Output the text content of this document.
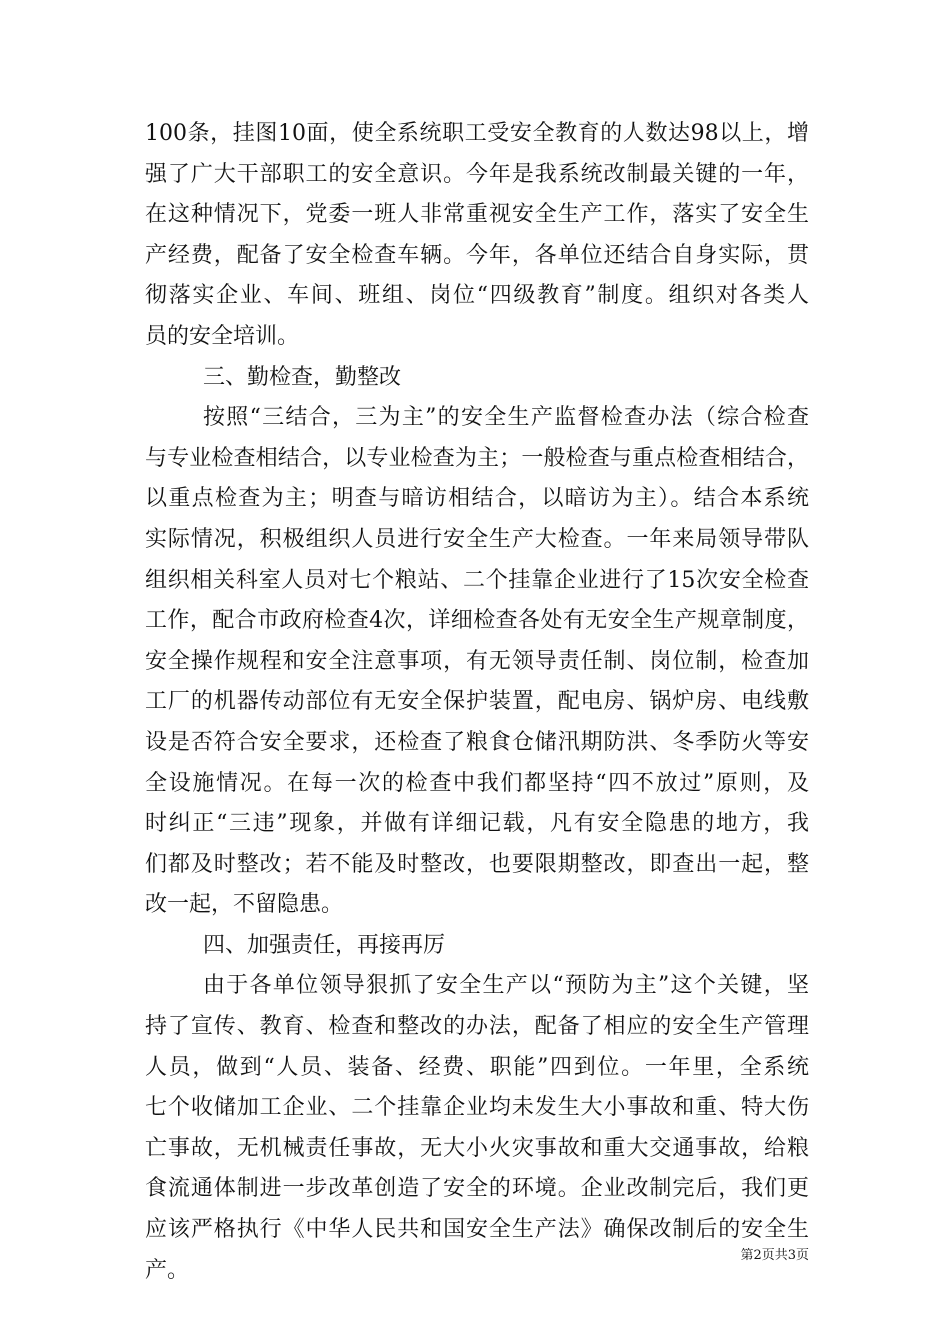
100条，挂图10面，使全系统职工受安全教育的人数达98以上，增
强了广大干部职工的安全意识。今年是我系统改制最关键的一年，
在这种情况下，党委一班人非常重视安全生产工作，落实了安全生
产经费，配备了安全检查车辆。今年，各单位还结合自身实际，贯
彻落实企业、车间、班组、岗位“四级教育”制度。组织对各类人
员的安全培训。
三、勤检查，勤整改
按照“三结合，三为主”的安全生产监督检查办法（综合检查
与专业检查相结合，以专业检查为主；一般检查与重点检查相结合，
以重点检查为主；明查与暗访相结合，以暗访为主）。结合本系统
实际情况，积极组织人员进行安全生产大检查。一年来局领导带队
组织相关科室人员对七个粮站、二个挂靠企业进行了15次安全检查
工作，配合市政府检查4次，详细检查各处有无安全生产规章制度，
安全操作规程和安全注意事项，有无领导责任制、岗位制，检查加
工厂的机器传动部位有无安全保护装置，配电房、锅炉房、电线敷
设是否符合安全要求，还检查了粮食仓储汛期防洪、冬季防火等安
全设施情况。在每一次的检查中我们都坚持“四不放过”原则，及
时纠正“三违”现象，并做有详细记载，凡有安全隐患的地方，我
们都及时整改；若不能及时整改，也要限期整改，即查出一起，整
改一起，不留隐患。
四、加强责任，再接再厉
由于各单位领导狠抓了安全生产以“预防为主”这个关键，坚
持了宣传、教育、检查和整改的办法，配备了相应的安全生产管理
人员，做到“人员、装备、经费、职能”四到位。一年里，全系统
七个收储加工企业、二个挂靠企业均未发生大小事故和重、特大伤
亡事故，无机械责任事故，无大小火灾事故和重大交通事故，给粮
食流通体制进一步改革创造了安全的环境。企业改制完后，我们更
应该严格执行《中华人民共和国安全生产法》确保改制后的安全生
产。
第2页共3页
